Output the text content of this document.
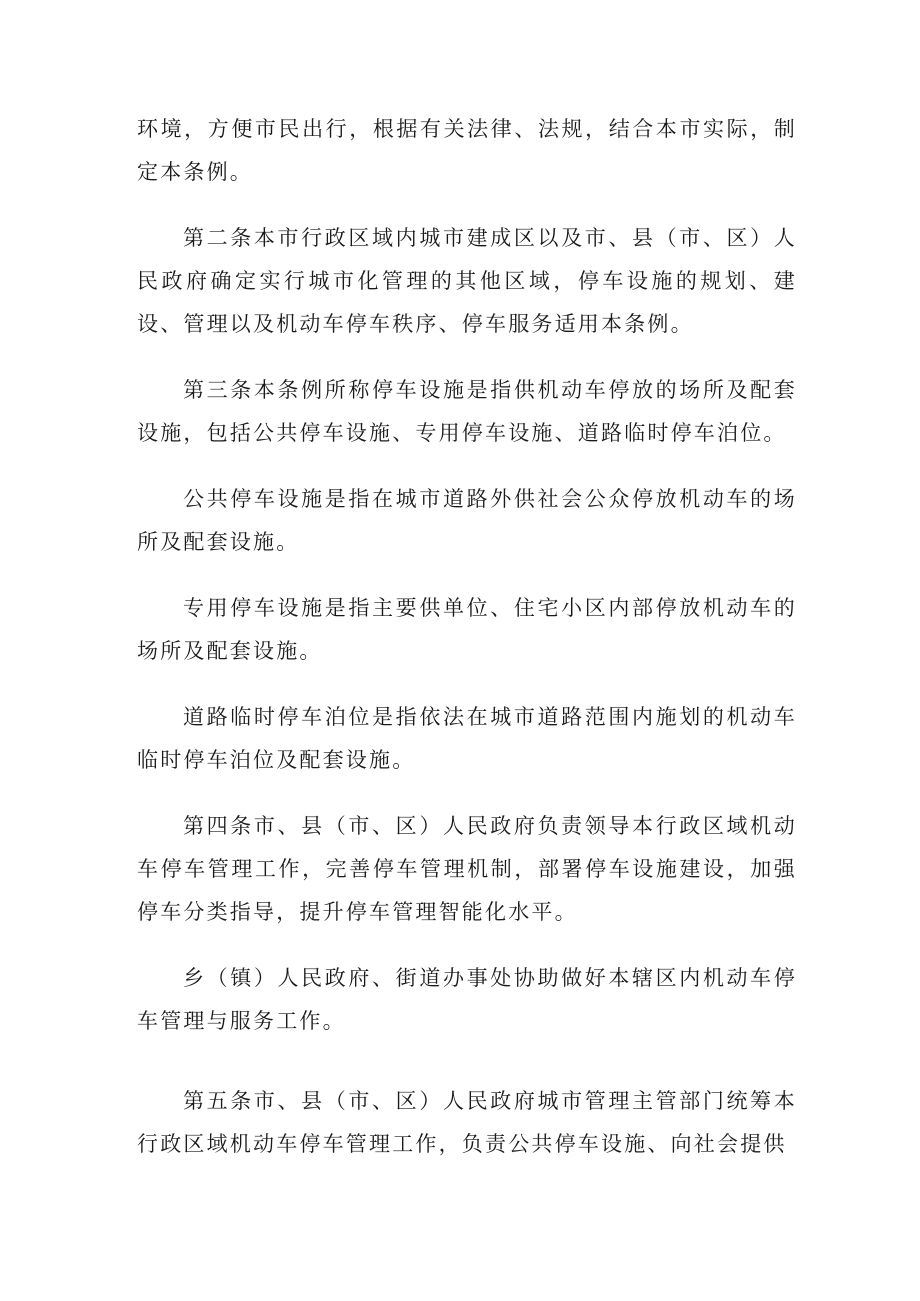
环境，方便市民出行，根据有关法律、法规，结合本市实际，制定本条例。

第二条本市行政区域内城市建成区以及市、县（市、区）人民政府确定实行城市化管理的其他区域，停车设施的规划、建设、管理以及机动车停车秩序、停车服务适用本条例。

第三条本条例所称停车设施是指供机动车停放的场所及配套设施，包括公共停车设施、专用停车设施、道路临时停车泊位。

公共停车设施是指在城市道路外供社会公众停放机动车的场所及配套设施。

专用停车设施是指主要供单位、住宅小区内部停放机动车的场所及配套设施。

道路临时停车泊位是指依法在城市道路范围内施划的机动车临时停车泊位及配套设施。

第四条市、县（市、区）人民政府负责领导本行政区域机动车停车管理工作，完善停车管理机制，部署停车设施建设，加强停车分类指导，提升停车管理智能化水平。

乡（镇）人民政府、街道办事处协助做好本辖区内机动车停车管理与服务工作。

第五条市、县（市、区）人民政府城市管理主管部门统筹本行政区域机动车停车管理工作，负责公共停车设施、向社会提供
